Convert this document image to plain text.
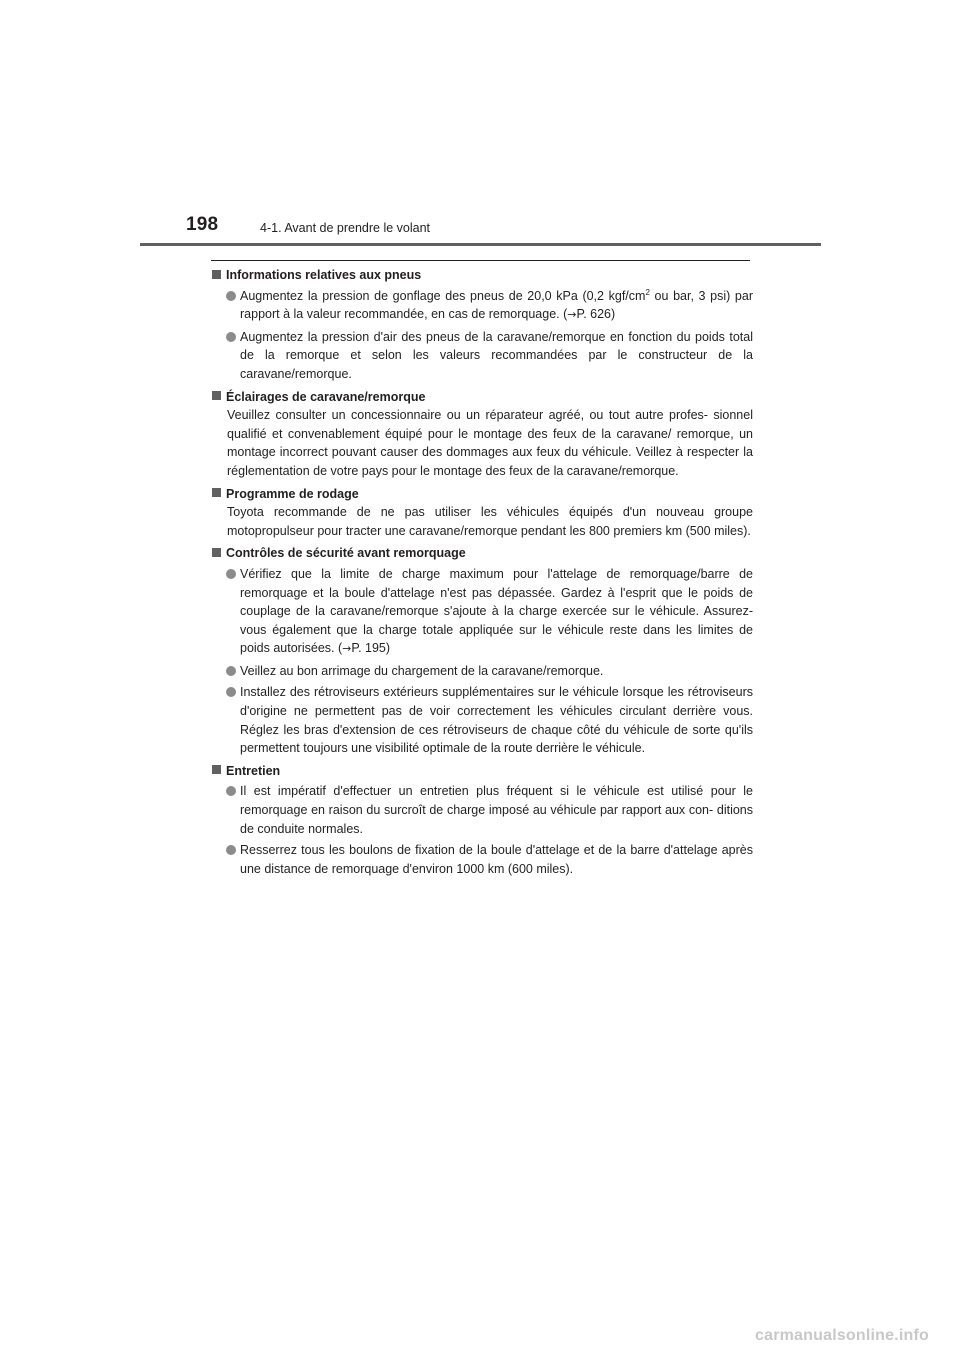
198	4-1. Avant de prendre le volant
Informations relatives aux pneus
Augmentez la pression de gonflage des pneus de 20,0 kPa (0,2 kgf/$cm^2$ ou bar, 3 psi) par rapport à la valeur recommandée, en cas de remorquage. (→P. 626)
Augmentez la pression d'air des pneus de la caravane/remorque en fonction du poids total de la remorque et selon les valeurs recommandées par le constructeur de la caravane/remorque.
Éclairages de caravane/remorque

Veuillez consulter un concessionnaire ou un réparateur agréé, ou tout autre profes- sionnel qualifié et convenablement équipé pour le montage des feux de la caravane/ remorque, un montage incorrect pouvant causer des dommages aux feux du véhicule. Veillez à respecter la réglementation de votre pays pour le montage des feux de la caravane/remorque.

Programme de rodage

Toyota recommande de ne pas utiliser les véhicules équipés d'un nouveau groupe motopropulseur pour tracter une caravane/remorque pendant les 800 premiers km (500 miles).

Contrôles de sécurité avant remorquage
Vérifiez que la limite de charge maximum pour l'attelage de remorquage/barre de remorquage et la boule d'attelage n'est pas dépassée. Gardez à l'esprit que le poids de couplage de la caravane/remorque s'ajoute à la charge exercée sur le véhicule. Assurez-vous également que la charge totale appliquée sur le véhicule reste dans les limites de poids autorisées. (→P. 195)
Veillez au bon arrimage du chargement de la caravane/remorque.
Installez des rétroviseurs extérieurs supplémentaires sur le véhicule lorsque les rétroviseurs d'origine ne permettent pas de voir correctement les véhicules circulant derrière vous. Réglez les bras d'extension de ces rétroviseurs de chaque côté du véhicule de sorte qu'ils permettent toujours une visibilité optimale de la route derrière le véhicule.
Entretien
Il est impératif d'effectuer un entretien plus fréquent si le véhicule est utilisé pour le remorquage en raison du surcroît de charge imposé au véhicule par rapport aux con- ditions de conduite normales.
Resserrez tous les boulons de fixation de la boule d'attelage et de la barre d'attelage après une distance de remorquage d'environ 1000 km (600 miles).
carmanualsonline.info
